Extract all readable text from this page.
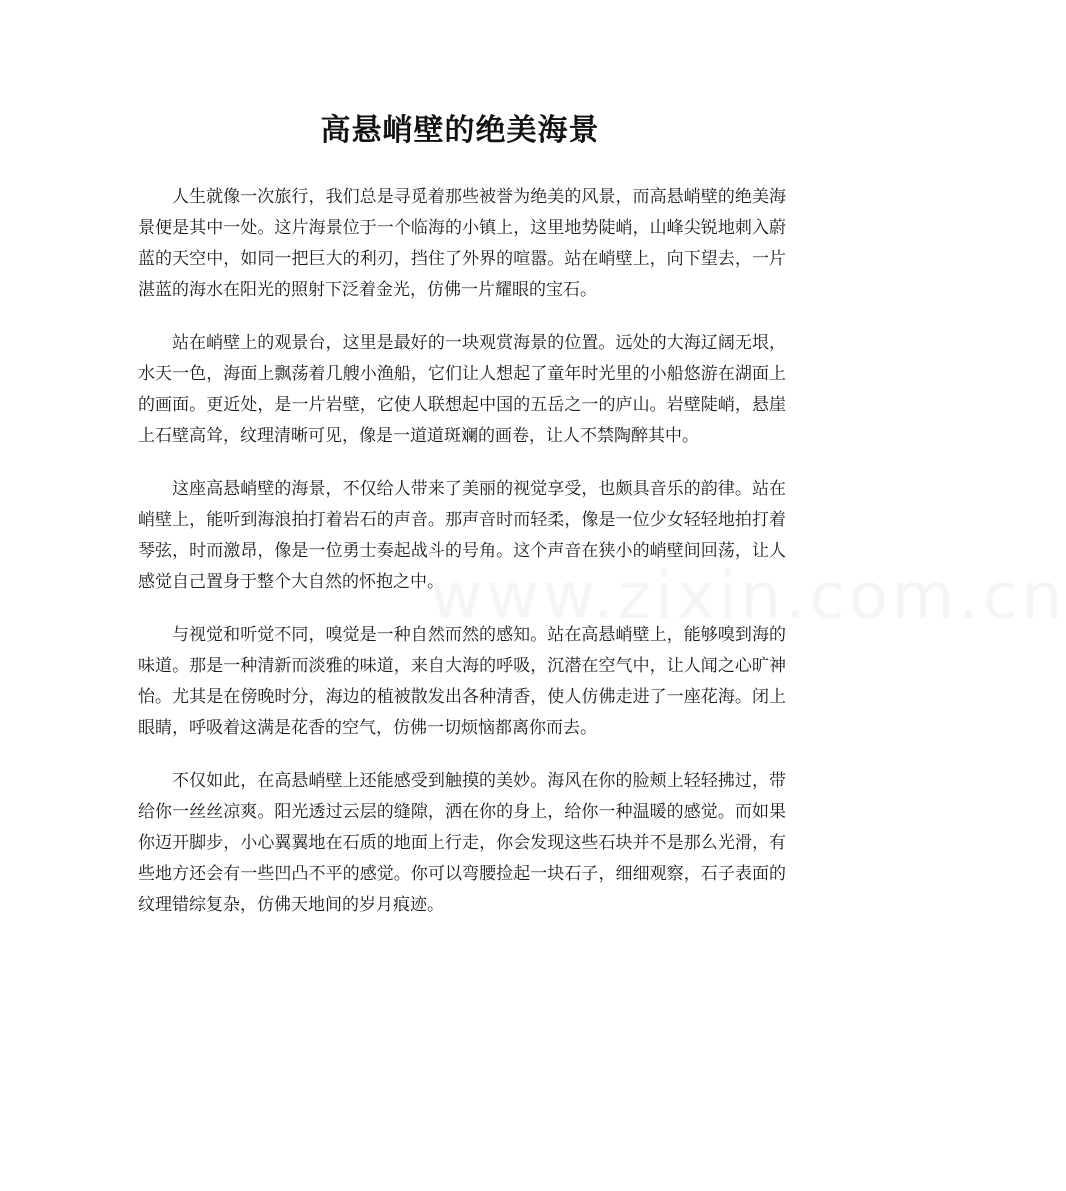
高悬峭壁的绝美海景
www.zixin.com.cn

人生就像一次旅行，我们总是寻觅着那些被誉为绝美的风景，而高悬峭壁的绝美海景便是其中一处。这片海景位于一个临海的小镇上，这里地势陡峭，山峰尖锐地刺入蔚蓝的天空中，如同一把巨大的利刃，挡住了外界的喧嚣。站在峭壁上，向下望去，一片湛蓝的海水在阳光的照射下泛着金光，仿佛一片耀眼的宝石。

站在峭壁上的观景台，这里是最好的一块观赏海景的位置。远处的大海辽阔无垠，水天一色，海面上飘荡着几艘小渔船，它们让人想起了童年时光里的小船悠游在湖面上的画面。更近处，是一片岩壁，它使人联想起中国的五岳之一的庐山。岩壁陡峭，悬崖上石壁高耸，纹理清晰可见，像是一道道斑斓的画卷，让人不禁陶醉其中。

这座高悬峭壁的海景，不仅给人带来了美丽的视觉享受，也颇具音乐的韵律。站在峭壁上，能听到海浪拍打着岩石的声音。那声音时而轻柔，像是一位少女轻轻地拍打着琴弦，时而激昂，像是一位勇士奏起战斗的号角。这个声音在狭小的峭壁间回荡，让人感觉自己置身于整个大自然的怀抱之中。

与视觉和听觉不同，嗅觉是一种自然而然的感知。站在高悬峭壁上，能够嗅到海的味道。那是一种清新而淡雅的味道，来自大海的呼吸，沉潜在空气中，让人闻之心旷神怡。尤其是在傍晚时分，海边的植被散发出各种清香，使人仿佛走进了一座花海。闭上眼睛，呼吸着这满是花香的空气，仿佛一切烦恼都离你而去。

不仅如此，在高悬峭壁上还能感受到触摸的美妙。海风在你的脸颊上轻轻拂过，带给你一丝丝凉爽。阳光透过云层的缝隙，洒在你的身上，给你一种温暖的感觉。而如果你迈开脚步，小心翼翼地在石质的地面上行走，你会发现这些石块并不是那么光滑，有些地方还会有一些凹凸不平的感觉。你可以弯腰捡起一块石子，细细观察，石子表面的纹理错综复杂，仿佛天地间的岁月痕迹。
